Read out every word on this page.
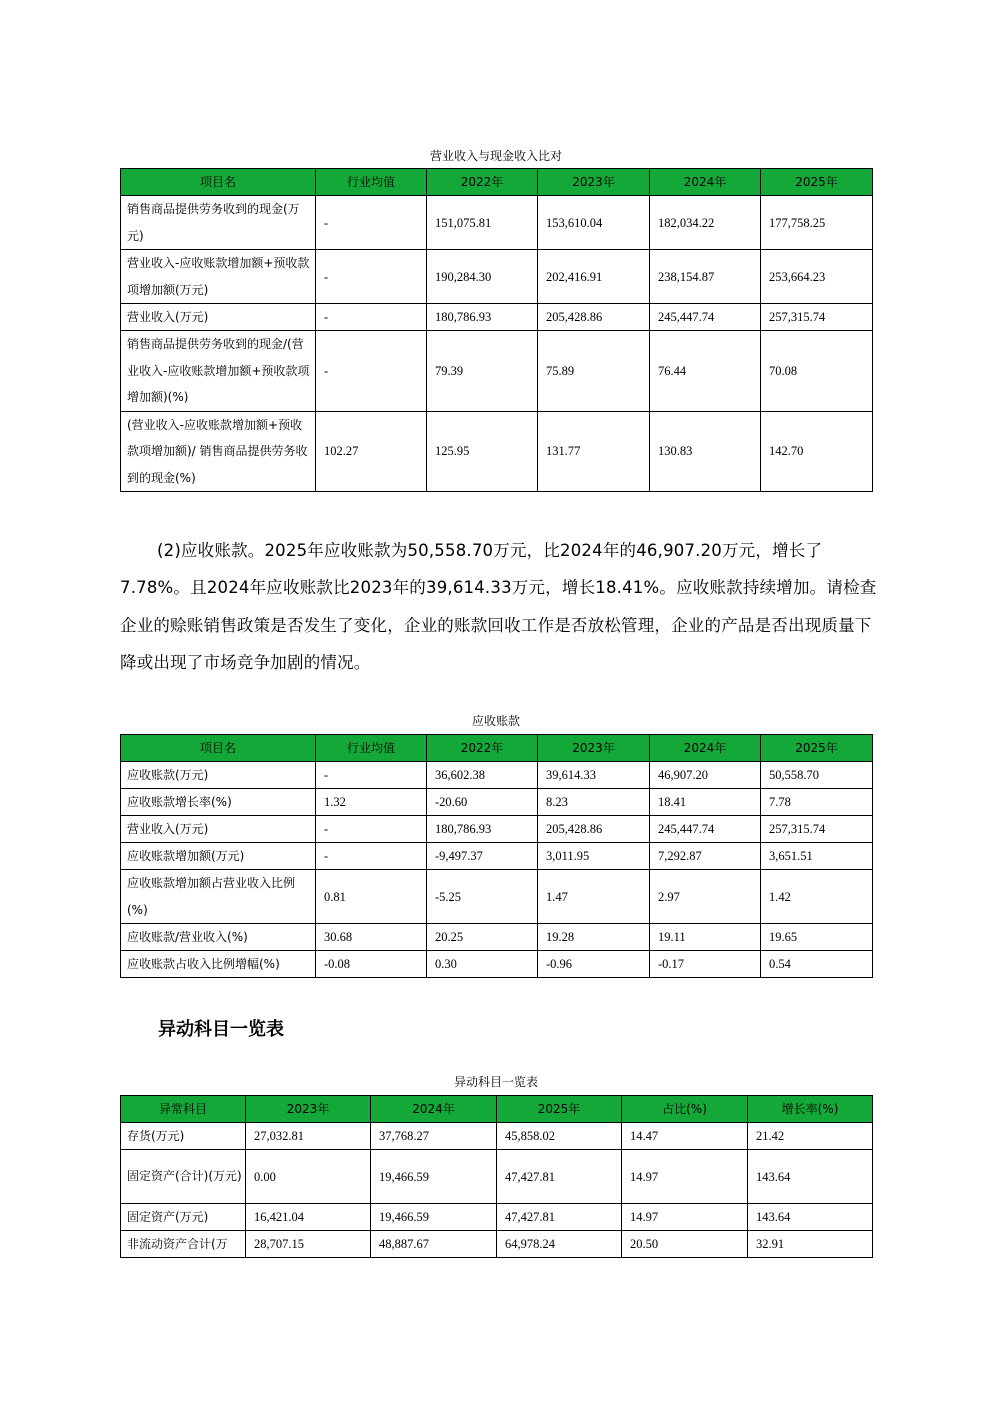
营业收入与现金收入比对
项目名	行业均值	2022年	2023年	2024年	2025年
销售商品提供劳务收到的现金(万元)	-	151,075.81	153,610.04	182,034.22	177,758.25
营业收入-应收账款增加额+预收款项增加额(万元)	-	190,284.30	202,416.91	238,154.87	253,664.23
营业收入(万元)	-	180,786.93	205,428.86	245,447.74	257,315.74
销售商品提供劳务收到的现金/(营业收入-应收账款增加额+预收款项增加额)(%)	-	79.39	75.89	76.44	70.08
(营业收入-应收账款增加额+预收款项增加额)/ 销售商品提供劳务收到的现金(%)	102.27	125.95	131.77	130.83	142.70
(2)应收账款。2025年应收账款为50,558.70万元，比2024年的46,907.20万元，增长了7.78%。且2024年应收账款比2023年的39,614.33万元，增长18.41%。应收账款持续增加。请检查企业的赊账销售政策是否发生了变化，企业的账款回收工作是否放松管理，企业的产品是否出现质量下降或出现了市场竞争加剧的情况。
应收账款
项目名	行业均值	2022年	2023年	2024年	2025年
应收账款(万元)	-	36,602.38	39,614.33	46,907.20	50,558.70
应收账款增长率(%)	1.32	-20.60	8.23	18.41	7.78
营业收入(万元)	-	180,786.93	205,428.86	245,447.74	257,315.74
应收账款增加额(万元)	-	-9,497.37	3,011.95	7,292.87	3,651.51
应收账款增加额占营业收入比例(%)	0.81	-5.25	1.47	2.97	1.42
应收账款/营业收入(%)	30.68	20.25	19.28	19.11	19.65
应收账款占收入比例增幅(%)	-0.08	0.30	-0.96	-0.17	0.54
异动科目一览表
异动科目一览表
异常科目	2023年	2024年	2025年	占比(%)	增长率(%)
存货(万元)	27,032.81	37,768.27	45,858.02	14.47	21.42
固定资产(合计)(万元)	0.00	19,466.59	47,427.81	14.97	143.64
固定资产(万元)	16,421.04	19,466.59	47,427.81	14.97	143.64
非流动资产合计(万	28,707.15	48,887.67	64,978.24	20.50	32.91
